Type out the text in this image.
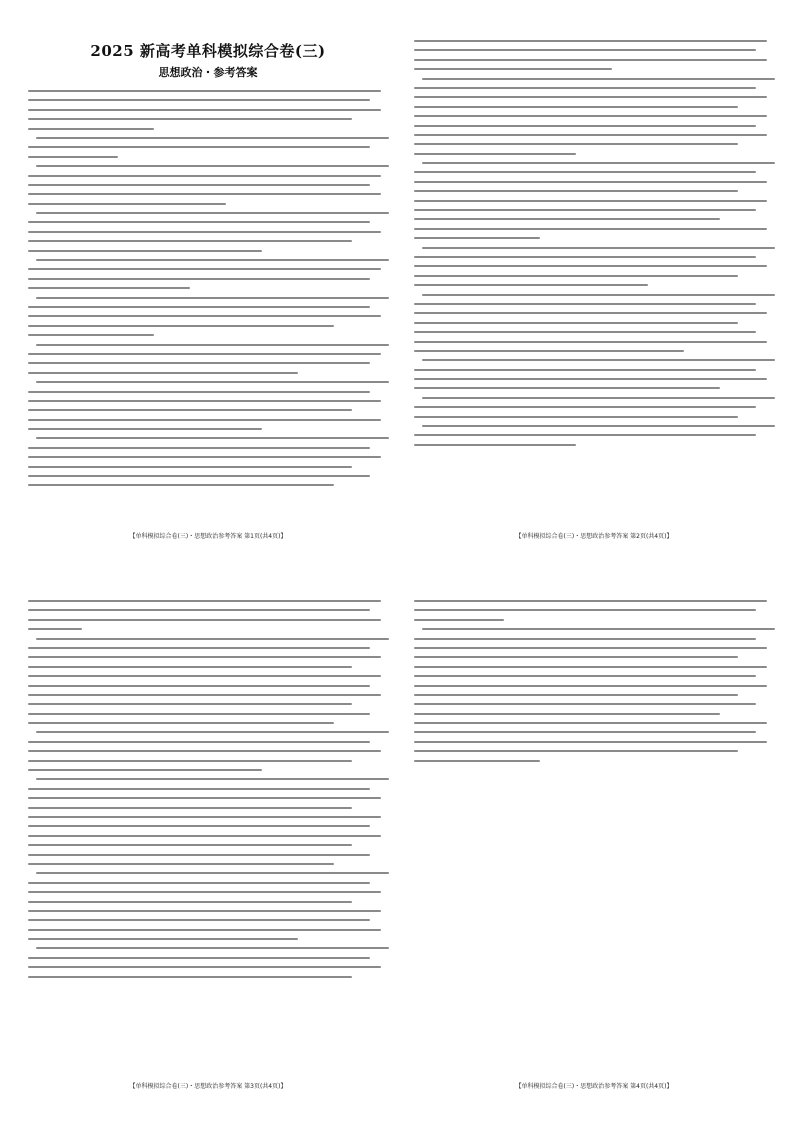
2025 新高考单科模拟综合卷(三)
思想政治・参考答案
【单科模拟综合卷(三)・思想政治参考答案 第1页(共4页)】	【单科模拟综合卷(三)・思想政治参考答案 第2页(共4页)】
【单科模拟综合卷(三)・思想政治参考答案 第3页(共4页)】	【单科模拟综合卷(三)・思想政治参考答案 第4页(共4页)】
